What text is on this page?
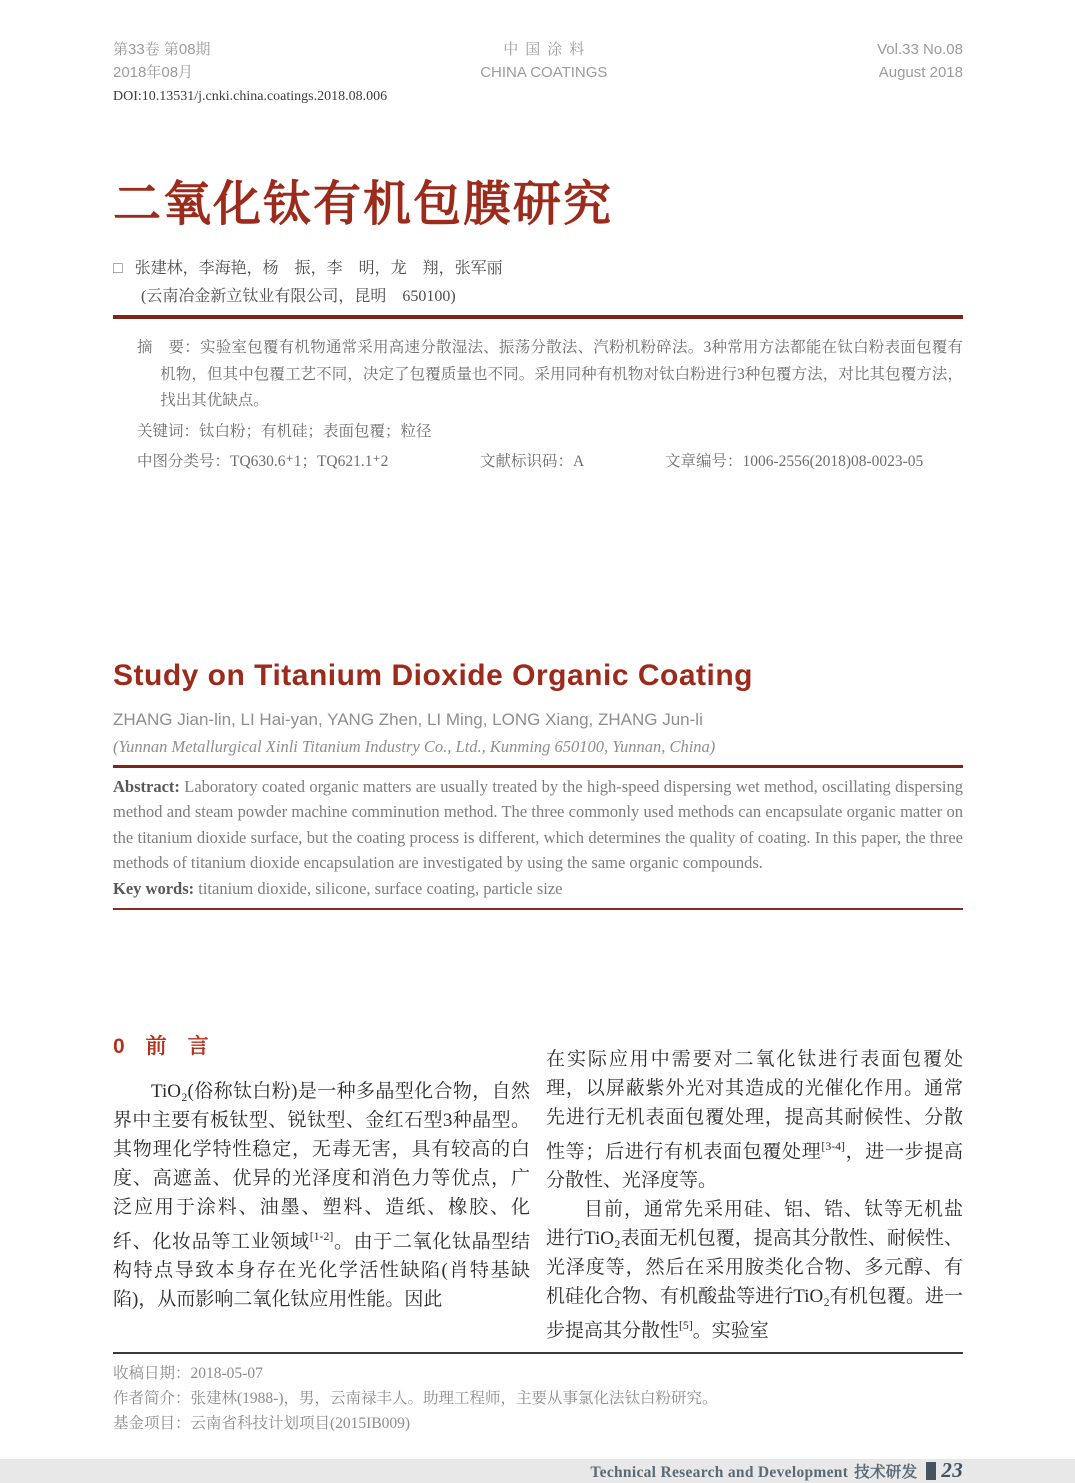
第33卷 第08期
2018年08月
中国涂料
CHINA COATINGS
Vol.33 No.08
August 2018
DOI:10.13531/j.cnki.china.coatings.2018.08.006
二氧化钛有机包膜研究
□ 张建林，李海艳，杨　振，李　明，龙　翔，张军丽
(云南冶金新立钛业有限公司，昆明　650100)

摘　要：实验室包覆有机物通常采用高速分散湿法、振荡分散法、汽粉机粉碎法。3种常用方法都能在钛白粉表面包覆有机物，但其中包覆工艺不同，决定了包覆质量也不同。采用同种有机物对钛白粉进行3种包覆方法，对比其包覆方法，找出其优缺点。

关键词：钛白粉；有机硅；表面包覆；粒径

中图分类号：TQ630.6⁺1；TQ621.1⁺2	文献标识码：A	文章编号：1006-2556(2018)08-0023-05
Study on Titanium Dioxide Organic Coating
ZHANG Jian-lin, LI Hai-yan, YANG Zhen, LI Ming, LONG Xiang, ZHANG Jun-li
(Yunnan Metallurgical Xinli Titanium Industry Co., Ltd., Kunming 650100, Yunnan, China)

Abstract: Laboratory coated organic matters are usually treated by the high-speed dispersing wet method, oscillating dispersing method and steam powder machine comminution method. The three commonly used methods can encapsulate organic matter on the titanium dioxide surface, but the coating process is different, which determines the quality of coating. In this paper, the three methods of titanium dioxide encapsulation are investigated by using the same organic compounds.

Key words: titanium dioxide, silicone, surface coating, particle size

0　前　言

TiO₂(俗称钛白粉)是一种多晶型化合物，自然界中主要有板钛型、锐钛型、金红石型3种晶型。其物理化学特性稳定，无毒无害，具有较高的白度、高遮盖、优异的光泽度和消色力等优点，广泛应用于涂料、油墨、塑料、造纸、橡胶、化纤、化妆品等工业领域[1-2]。由于二氧化钛晶型结构特点导致本身存在光化学活性缺陷(肖特基缺陷)，从而影响二氧化钛应用性能。因此

在实际应用中需要对二氧化钛进行表面包覆处理，以屏蔽紫外光对其造成的光催化作用。通常先进行无机表面包覆处理，提高其耐候性、分散性等；后进行有机表面包覆处理[3-4]，进一步提高分散性、光泽度等。

目前，通常先采用硅、铝、锆、钛等无机盐进行TiO₂表面无机包覆，提高其分散性、耐候性、光泽度等，然后在采用胺类化合物、多元醇、有机硅化合物、有机酸盐等进行TiO₂有机包覆。进一步提高其分散性[5]。实验室

收稿日期：2018-05-07
作者简介：张建林(1988-)，男，云南禄丰人。助理工程师，主要从事氯化法钛白粉研究。
基金项目：云南省科技计划项目(2015IB009)
Technical Research and Development 技术研发 23
